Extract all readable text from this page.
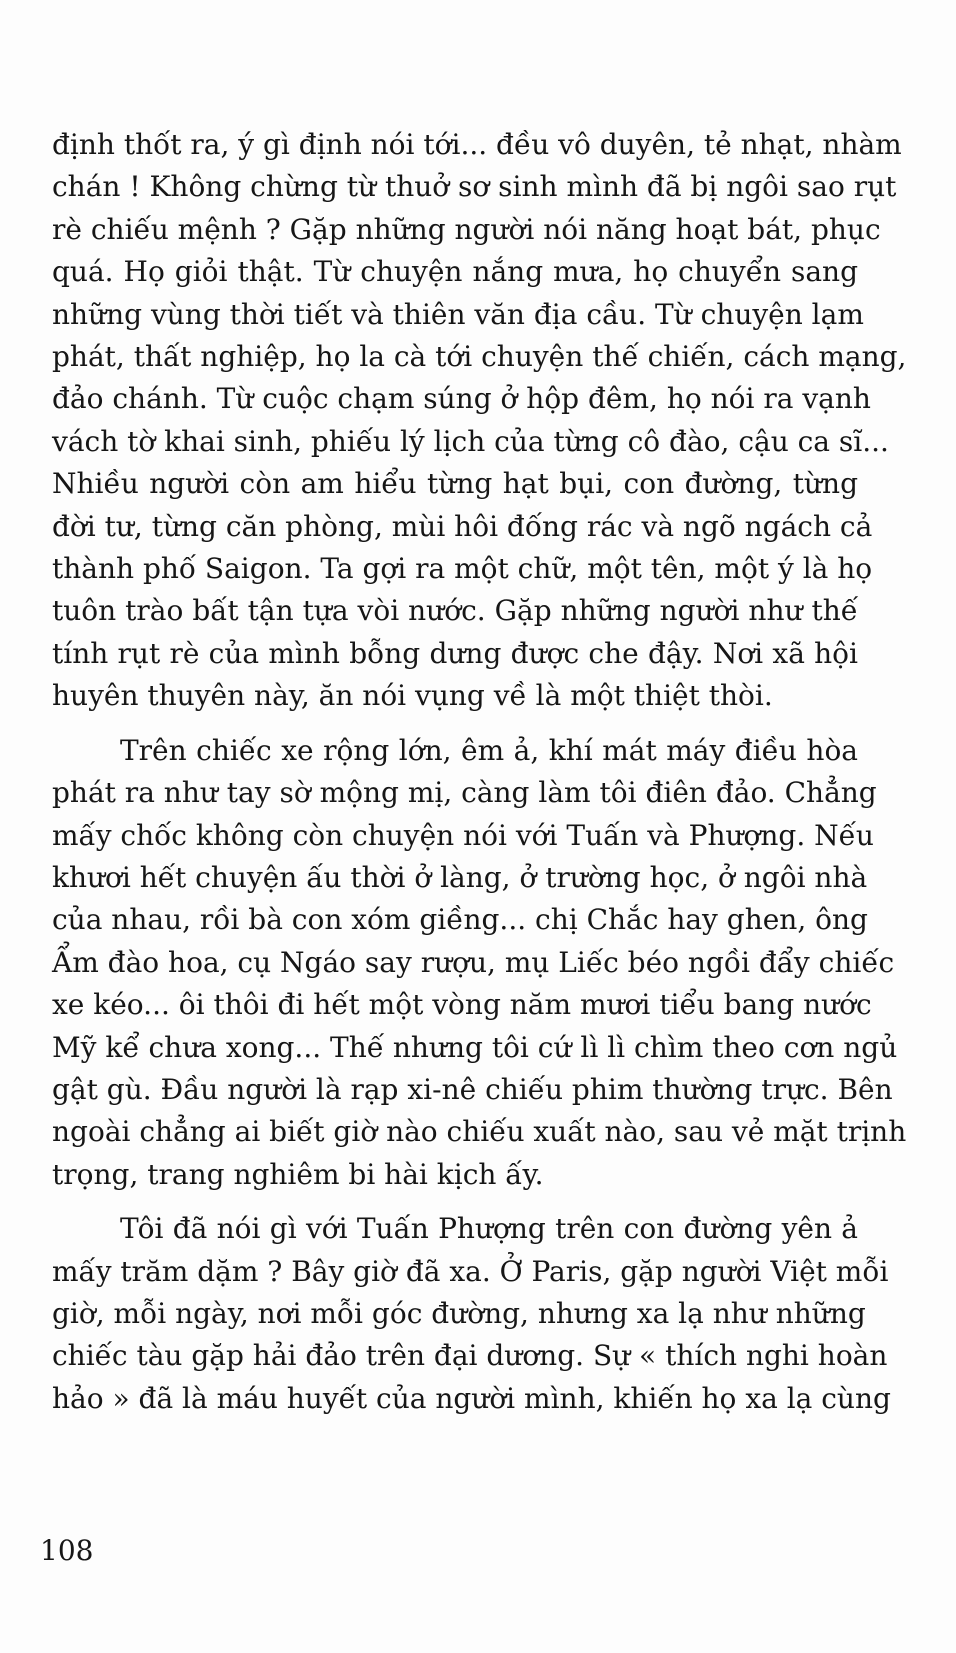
định thốt ra, ý gì định nói tới... đều vô duyên, tẻ nhạt, nhàm
chán ! Không chừng từ thuở sơ sinh mình đã bị ngôi sao rụt
rè chiếu mệnh ? Gặp những người nói năng hoạt bát, phục
quá. Họ giỏi thật. Từ chuyện nắng mưa, họ chuyển sang
những vùng thời tiết và thiên văn địa cầu. Từ chuyện lạm
phát, thất nghiệp, họ la cà tới chuyện thế chiến, cách mạng,
đảo chánh. Từ cuộc chạm súng ở hộp đêm, họ nói ra vạnh
vách tờ khai sinh, phiếu lý lịch của từng cô đào, cậu ca sĩ...
Nhiều người còn am hiểu từng hạt bụi, con đường, từng
đời tư, từng căn phòng, mùi hôi đống rác và ngõ ngách cả
thành phố Saigon. Ta gợi ra một chữ, một tên, một ý là họ
tuôn trào bất tận tựa vòi nước. Gặp những người như thế
tính rụt rè của mình bỗng dưng được che đậy. Nơi xã hội
huyên thuyên này, ăn nói vụng về là một thiệt thòi.

Trên chiếc xe rộng lớn, êm ả, khí mát máy điều hòa
phát ra như tay sờ mộng mị, càng làm tôi điên đảo. Chẳng
mấy chốc không còn chuyện nói với Tuấn và Phượng. Nếu
khươi hết chuyện ấu thời ở làng, ở trường học, ở ngôi nhà
của nhau, rồi bà con xóm giềng... chị Chắc hay ghen, ông
Ẩm đào hoa, cụ Ngáo say rượu, mụ Liếc béo ngồi đẩy chiếc
xe kéo... ôi thôi đi hết một vòng năm mươi tiểu bang nước
Mỹ kể chưa xong... Thế nhưng tôi cứ lì lì chìm theo cơn ngủ
gật gù. Đầu người là rạp xi-nê chiếu phim thường trực. Bên
ngoài chẳng ai biết giờ nào chiếu xuất nào, sau vẻ mặt trịnh
trọng, trang nghiêm bi hài kịch ấy.

Tôi đã nói gì với Tuấn Phượng trên con đường yên ả
mấy trăm dặm ? Bây giờ đã xa. Ở Paris, gặp người Việt mỗi
giờ, mỗi ngày, nơi mỗi góc đường, nhưng xa lạ như những
chiếc tàu gặp hải đảo trên đại dương. Sự « thích nghi hoàn
hảo » đã là máu huyết của người mình, khiến họ xa lạ cùng

108
